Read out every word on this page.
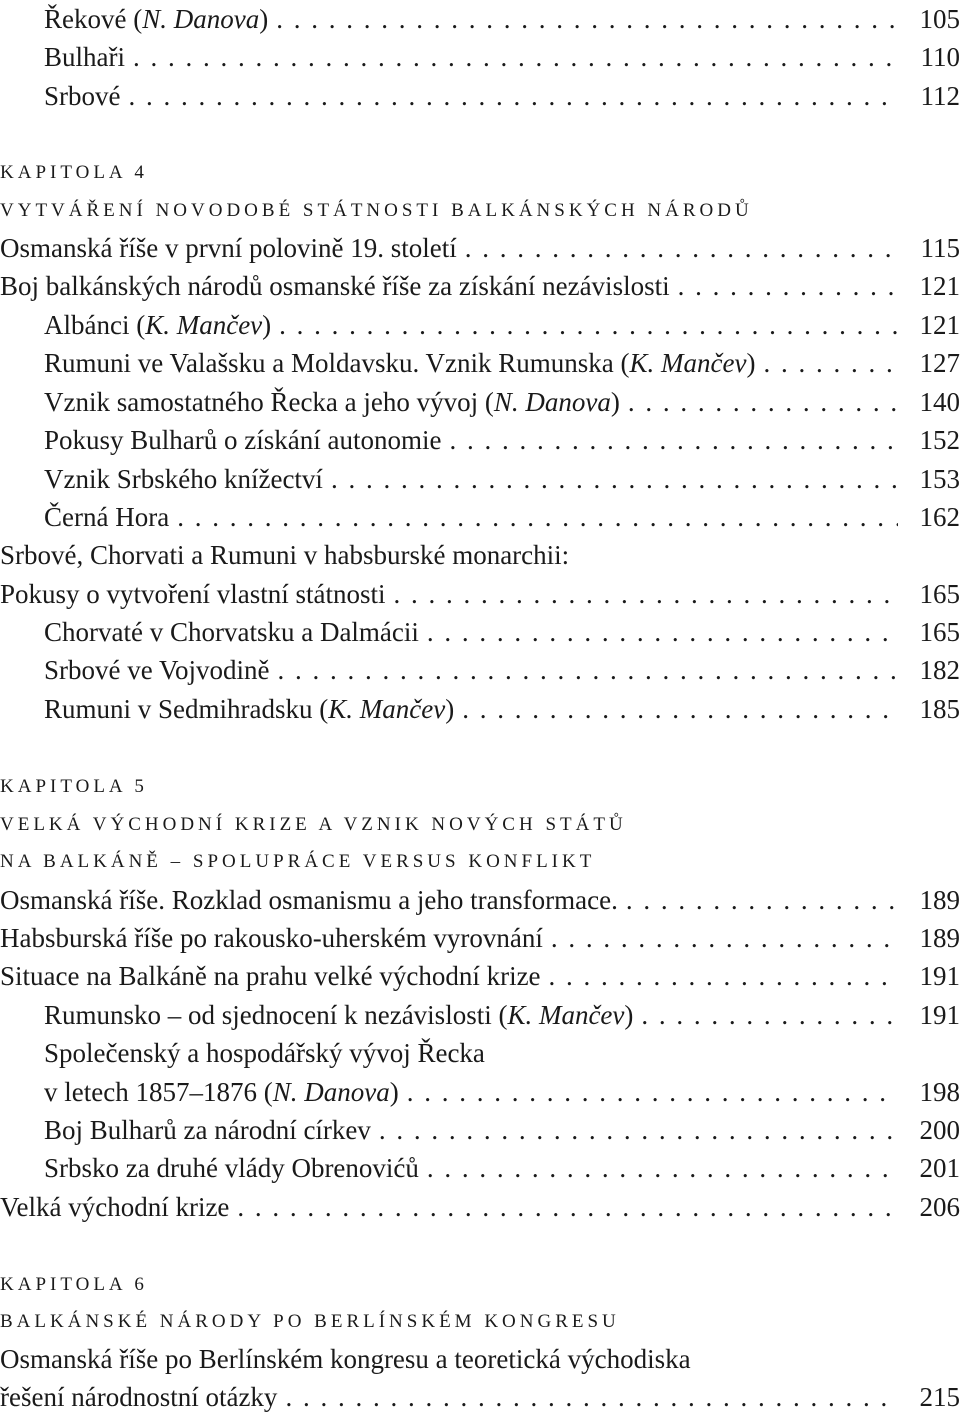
Řekové (N. Danova) . . .	105
Bulhaři . . .	110
Srbové . . .	112
KAPITOLA 4
VYTVÁŘENÍ NOVODOBÉ STÁTNOSTI BALKÁNSKÝCH NÁRODŮ
Osmanská říše v první polovině 19. století . . .	115
Boj balkánských národů osmanské říše za získání nezávislosti . . .	121
Albánci (K. Mančev) . . .	121
Rumuni ve Valašsku a Moldavsku. Vznik Rumunska (K. Mančev) . . .	127
Vznik samostatného Řecka a jeho vývoj (N. Danova) . . .	140
Pokusy Bulharů o získání autonomie . . .	152
Vznik Srbského knížectví . . .	153
Černá Hora . . .	162
Srbové, Chorvati a Rumuni v habsburské monarchii:
Pokusy o vytvoření vlastní státnosti . . .	165
Chorvaté v Chorvatsku a Dalmácii . . .	165
Srbové ve Vojvodině . . .	182
Rumuni v Sedmihradsku (K. Mančev) . . .	185
KAPITOLA 5
VELKÁ VÝCHODNÍ KRIZE A VZNIK NOVÝCH STÁTŮ
NA BALKÁNĚ – SPOLUPRÁCE VERSUS KONFLIKT
Osmanská říše. Rozklad osmanismu a jeho transformace. . . .	189
Habsburská říše po rakousko-uherském vyrovnání . . .	189
Situace na Balkáně na prahu velké východní krize . . .	191
Rumunsko – od sjednocení k nezávislosti (K. Mančev) . . .	191
Společenský a hospodářský vývoj Řecka
v letech 1857–1876 (N. Danova) . . .	198
Boj Bulharů za národní církev . . .	200
Srbsko za druhé vlády Obrenovićů . . .	201
Velká východní krize . . .	206
KAPITOLA 6
BALKÁNSKÉ NÁRODY PO BERLÍNSKÉM KONGRESU
Osmanská říše po Berlínském kongresu a teoretická východiska
řešení národnostní otázky . . .	215
